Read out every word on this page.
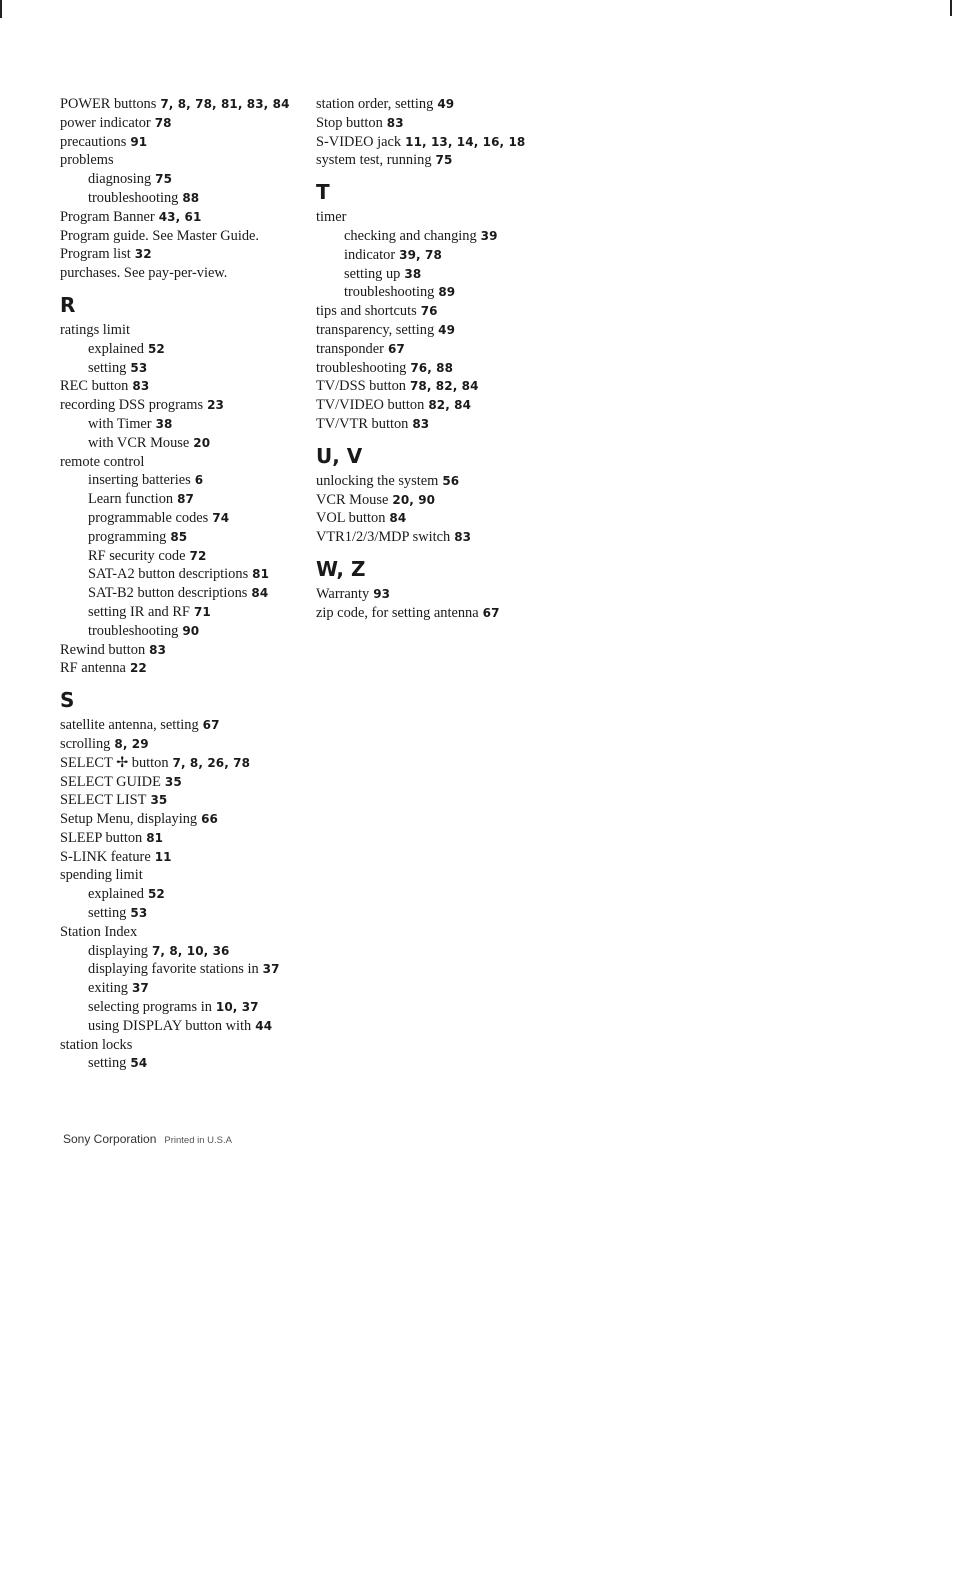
POWER buttons 7, 8, 78, 81, 83, 84
power indicator 78
precautions 91
problems
diagnosing 75
troubleshooting 88
Program Banner 43, 61
Program guide. See Master Guide.
Program list 32
purchases. See pay-per-view.
R
ratings limit
explained 52
setting 53
REC button 83
recording DSS programs 23
with Timer 38
with VCR Mouse 20
remote control
inserting batteries 6
Learn function 87
programmable codes 74
programming 85
RF security code 72
SAT-A2 button descriptions 81
SAT-B2 button descriptions 84
setting IR and RF 71
troubleshooting 90
Rewind button 83
RF antenna 22
S
satellite antenna, setting 67
scrolling 8, 29
SELECT ✢ button 7, 8, 26, 78
SELECT GUIDE 35
SELECT LIST 35
Setup Menu, displaying 66
SLEEP button 81
S-LINK feature 11
spending limit
explained 52
setting 53
Station Index
displaying 7, 8, 10, 36
displaying favorite stations in 37
exiting 37
selecting programs in 10, 37
using DISPLAY button with 44
station locks
setting 54
station order, setting 49
Stop button 83
S-VIDEO jack 11, 13, 14, 16, 18
system test, running 75
T
timer
checking and changing 39
indicator 39, 78
setting up 38
troubleshooting 89
tips and shortcuts 76
transparency, setting 49
transponder 67
troubleshooting 76, 88
TV/DSS button 78, 82, 84
TV/VIDEO button 82, 84
TV/VTR button 83
U, V
unlocking the system 56
VCR Mouse 20, 90
VOL button 84
VTR1/2/3/MDP switch 83
W, Z
Warranty 93
zip code, for setting antenna 67
Sony Corporation Printed in U.S.A
